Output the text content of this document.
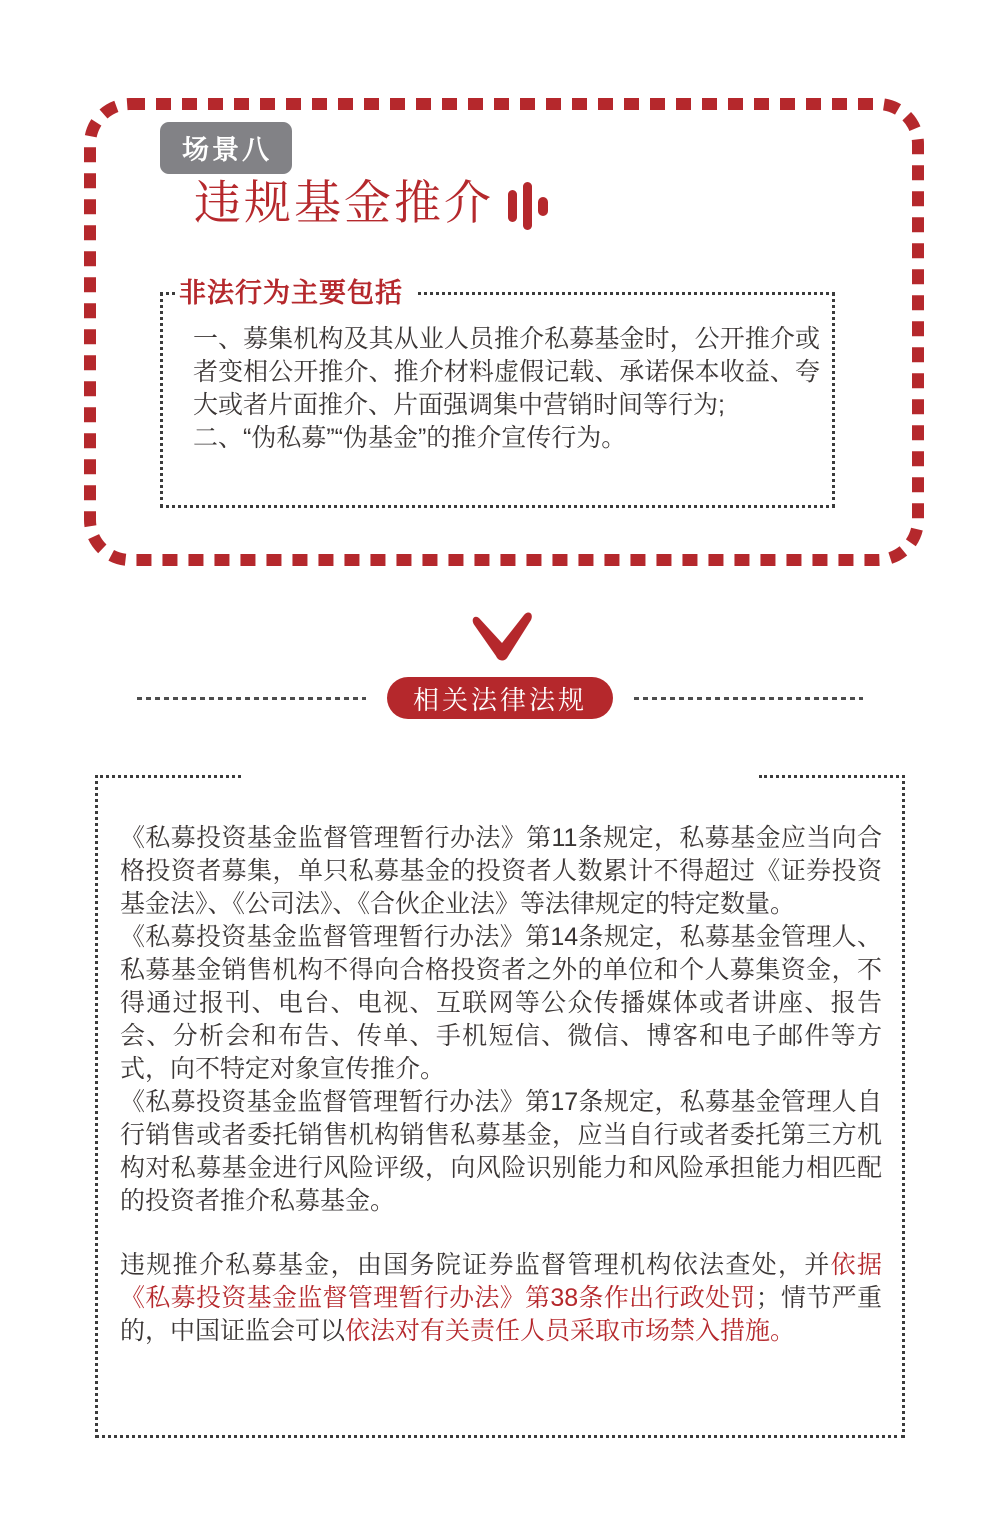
场景八
违规基金推介
非法行为主要包括

一、募集机构及其从业人员推介私募基金时，公开推介或者变相公开推介、推介材料虚假记载、承诺保本收益、夸大或者片面推介、片面强调集中营销时间等行为;

二、“伪私募”“伪基金”的推介宣传行为。

相关法律法规

《私募投资基金监督管理暂行办法》第11条规定，私募基金应当向合格投资者募集，单只私募基金的投资者人数累计不得超过《证券投资基金法》、《公司法》、《合伙企业法》等法律规定的特定数量。

《私募投资基金监督管理暂行办法》第14条规定，私募基金管理人、私募基金销售机构不得向合格投资者之外的单位和个人募集资金，不得通过报刊、电台、电视、互联网等公众传播媒体或者讲座、报告会、分析会和布告、传单、手机短信、微信、博客和电子邮件等方式，向不特定对象宣传推介。

《私募投资基金监督管理暂行办法》第17条规定，私募基金管理人自行销售或者委托销售机构销售私募基金，应当自行或者委托第三方机构对私募基金进行风险评级，向风险识别能力和风险承担能力相匹配的投资者推介私募基金。

违规推介私募基金，由国务院证券监督管理机构依法查处，并依据《私募投资基金监督管理暂行办法》第38条作出行政处罚；情节严重的，中国证监会可以依法对有关责任人员采取市场禁入措施。
